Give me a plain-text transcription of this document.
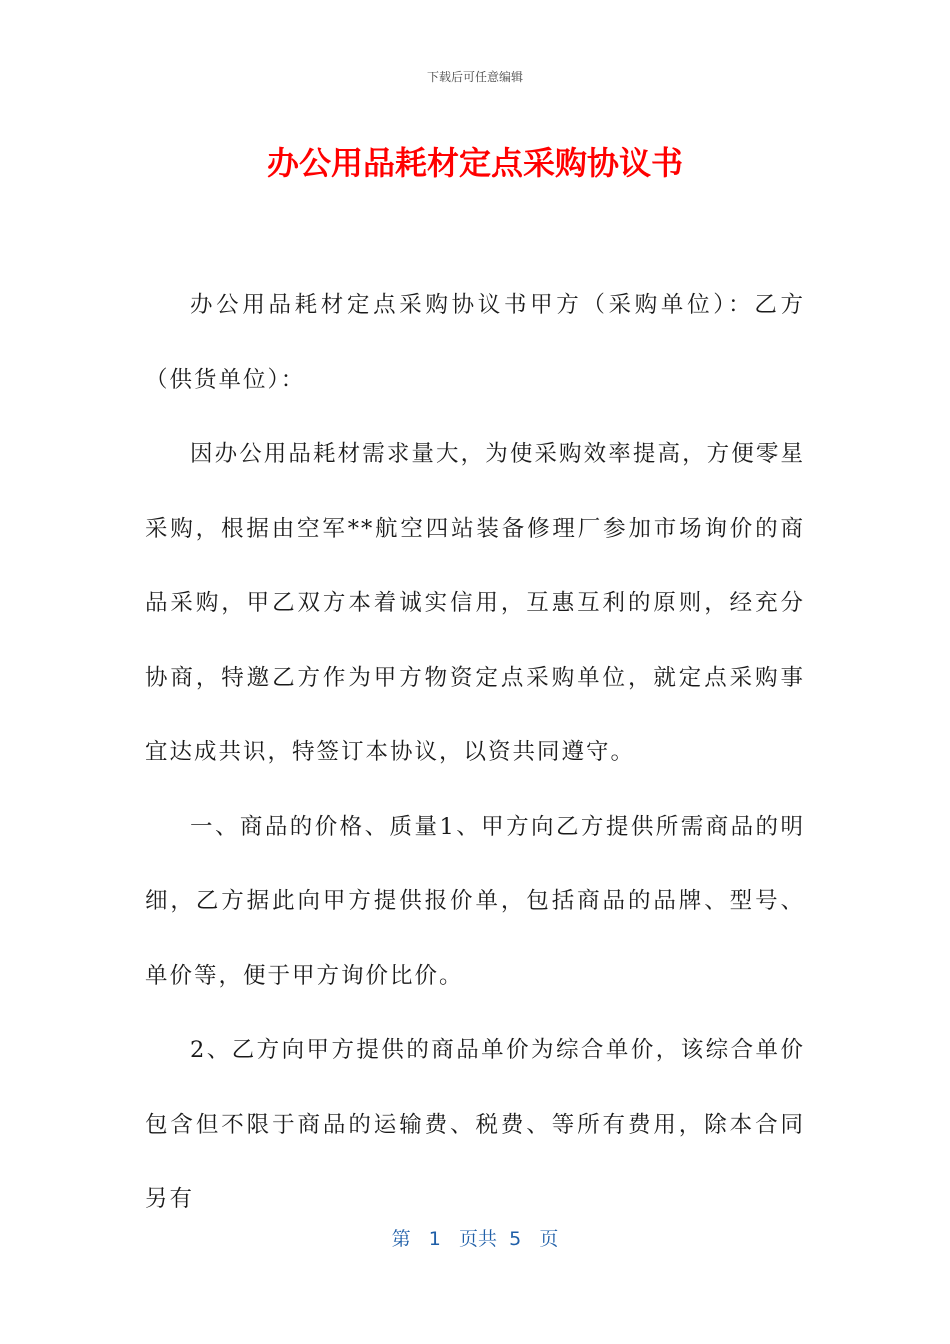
下载后可任意编辑
办公用品耗材定点采购协议书

办公用品耗材定点采购协议书甲方（采购单位）：乙方（供货单位）：

因办公用品耗材需求量大，为使采购效率提高，方便零星采购，根据由空军**航空四站装备修理厂参加市场询价的商品采购，甲乙双方本着诚实信用，互惠互利的原则，经充分协商，特邀乙方作为甲方物资定点采购单位，就定点采购事宜达成共识，特签订本协议，以资共同遵守。

一、商品的价格、质量1、甲方向乙方提供所需商品的明细，乙方据此向甲方提供报价单，包括商品的品牌、型号、单价等，便于甲方询价比价。

2、乙方向甲方提供的商品单价为综合单价，该综合单价包含但不限于商品的运输费、税费、等所有费用，除本合同另有

第 1 页共 5 页
